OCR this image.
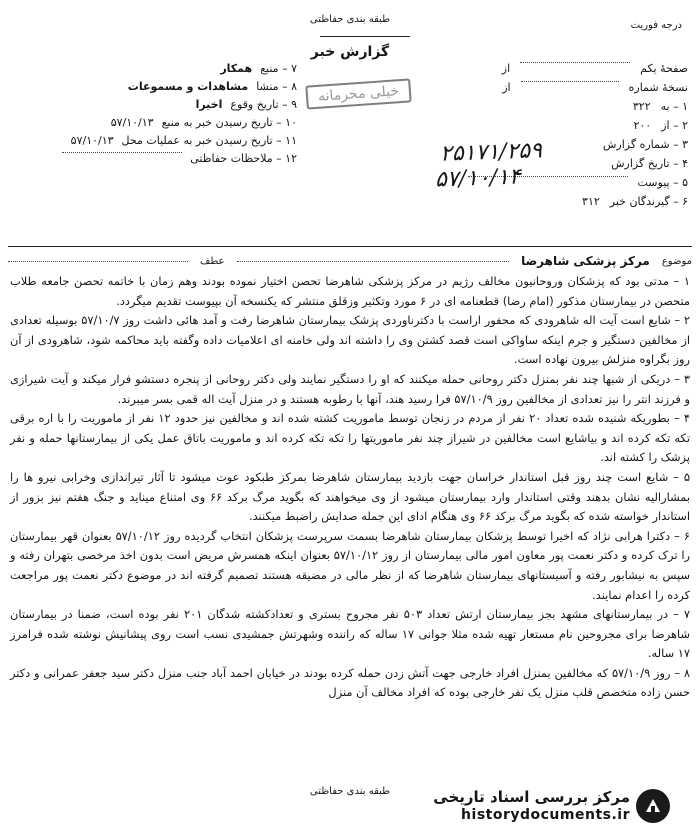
طبقه بندی حفاظتی
گزارش خبر
درجه فوریت
صفحهٔ یکم
از
نسخهٔ شماره
از
۱ – به
۳۲۲
۲ – از
۲۰۰
۳ – شماره گزارش
۴ – تاریخ گزارش
۵ – پیوست
۶ – گیرندگان خبر
۳۱۲
۲۵۱۷۱/۲۵۹
۵۷/۱۰/۱۴
خیلی محرمانه
۷ – منبع
همکار
۸ – منشا
مشاهدات و مسموعات
۹ – تاریخ وقوع
اخیرا
۱۰ – تاریخ رسیدن خبر به منبع
۵۷/۱۰/۱۳
۱۱ – تاریخ رسیدن خبر به عملیات محل
۵۷/۱۰/۱۳
۱۲ – ملاحظات حفاظتی
موضوع
مرکز پزشکی شاهرضا
عطف

۱ – مدتی بود که پزشکان وروحانیون مخالف رژیم در مرکز پزشکی شاهرضا تحصن اختیار نموده بودند وهم زمان با خاتمه تحصن جامعه طلاب متحصن در بیمارستان مذکور (امام رضا) قطعنامه ای در ۶ مورد وتکثیر وزقلق منتشر که یکنسخه آن بپیوست تقدیم میگردد.

۲ – شایع است آیت اله شاهرودی که محفور اراست با دکترناوردی پزشک بیمارستان شاهرضا رفت و آمد هائی داشت روز ۵۷/۱۰/۷ بوسیله تعدادی از مخالفین دستگیر و جرم اینکه ساواکی است قصد کشتن وی را داشته اند ولی خامنه ای اعلامیات داده وگفته باید محاکمه شود، شاهرودی از آن روز بگراوه منزلش بیرون نهاده است.

۳ – دریکی از شبها چند نفر بمنزل دکتر روحانی حمله میکنند که او را دستگیر نمایند ولی دکتر روحانی از پنجره دستشو فرار میکند و آیت شیرازی و فرزند انتر را نیز تعدادی از مخالفین روز ۵۷/۱۰/۹ فرا رسید هند، آنها با رطوبه هستند و در منزل آیت اله قمی بسر میبرند.

۴ – بطوریکه شنیده شده تعداد ۲۰ نفر از مردم در زنجان توسط ماموریت کشته شده اند و مخالفین نیز حدود ۱۲ نفر از ماموریت را با اره برقی تکه تکه کرده اند و بیاشایع است مخالفین در شیراز چند نفر ماموریتها را تکه تکه کرده اند و ماموریت باتاق عمل یکی از بیمارستانها حمله و نفر پزشک را کشته اند.

۵ – شایع است چند روز قبل استاندار خراسان جهت بازدید بیمارستان شاهرضا بمرکز طبکود عوت میشود تا آثار تیراندازی وخرابی نیرو ها را بمشارالیه نشان بدهند وقتی استاندار وارد بیمارستان میشود از وی میخواهند که بگوید مرگ برکد ۶۶ وی امتناع میناید و جنگ هفتم نیز بزور از استاندار خواسته شده که بگوید مرگ برکد ۶۶ وی هنگام ادای این جمله صدایش راضبط میکنند.

۶ – دکترا هرابی نژاد که اخیرا توسط پزشکان بیمارستان شاهرضا بسمت سرپرست پزشکان انتخاب گردیده روز ۵۷/۱۰/۱۲ بعنوان قهر بیمارستان را ترک کرده و دکتر نعمت پور معاون امور مالی بیمارستان از روز ۵۷/۱۰/۱۲ بعنوان اینکه همسرش مریض است بدون اخذ مرخصی بتهران رفته و سپس به نیشابور رفته و آسیستانهای بیمارستان شاهرضا که از نظر مالی در مضیقه هستند تصمیم گرفته اند در موضوع دکتر نعمت پور مراجعت کرده را اعدام نمایند.

۷ – در بیمارستانهای مشهد بجز بیمارستان ارتش تعداد ۵۰۳ نفر مجروح بستری و تعدادکشته شدگان ۲۰۱ نفر بوده است، ضمنا در بیمارستان شاهرضا برای مجروحین نام مستعار تهیه شده مثلا جوانی ۱۷ ساله که راننده وشهرتش جمشیدی نسب است روی پیشانیش نوشته شده فرامرز ۱۷ ساله.

۸ – روز ۵۷/۱۰/۹ که مخالفین بمنزل افراد خارجی جهت آتش زدن حمله کرده بودند در خیابان احمد آباد جنب منزل دکتر سید جعفر عمرانی و دکتر حسن زاده متخصص قلب منزل یک نفر خارجی بوده که افراد مخالف آن منزل

طبقه بندی حفاظتی	مرکز بررسی اسناد تاریخی
historydocuments.ir
